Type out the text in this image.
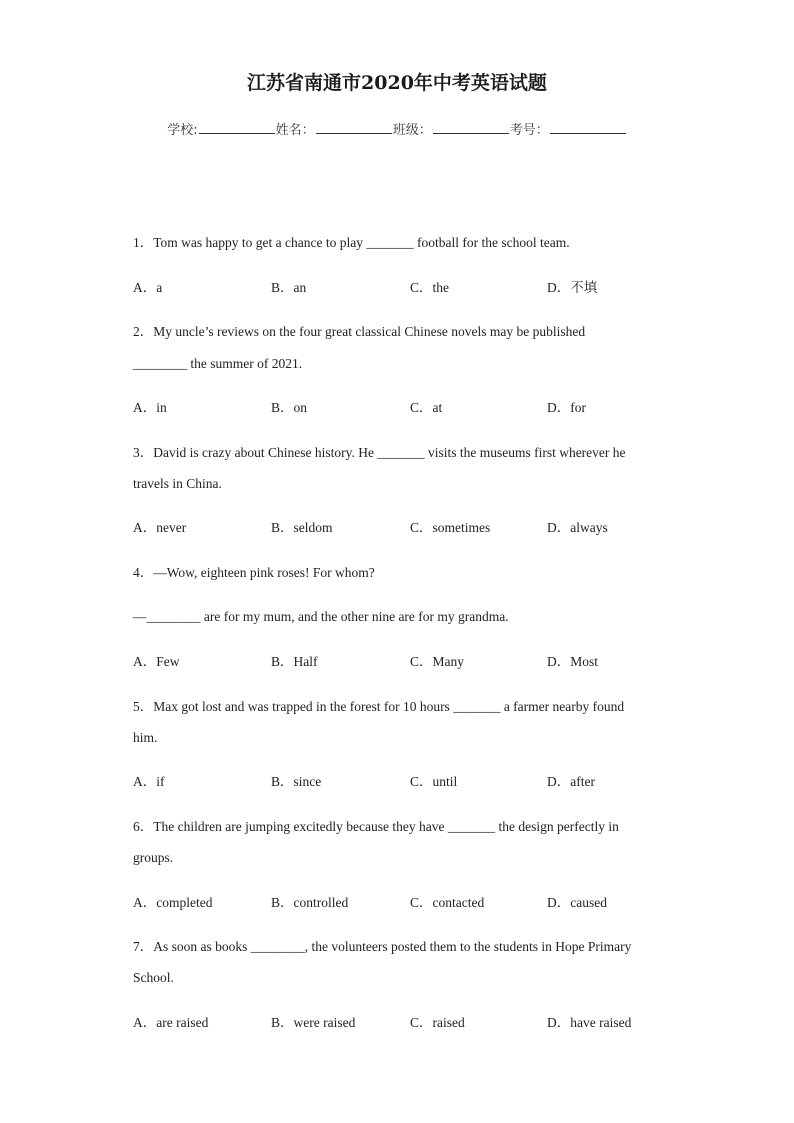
江苏省南通市2020年中考英语试题
学校:	姓名：	班级：	考号：
1．Tom was happy to get a chance to play _______ football for the school team.
A．a	B．an	C．the	D．不填
2．My uncle’s reviews on the four great classical Chinese novels may be published
________ the summer of 2021.
A．in	B．on	C．at	D．for
3．David is crazy about Chinese history. He _______ visits the museums first wherever he
travels in China.
A．never	B．seldom	C．sometimes	D．always
4．—Wow, eighteen pink roses! For whom?
—________ are for my mum, and the other nine are for my grandma.
A．Few	B．Half	C．Many	D．Most
5．Max got lost and was trapped in the forest for 10 hours _______ a farmer nearby found
him.
A．if	B．since	C．until	D．after
6．The children are jumping excitedly because they have _______ the design perfectly in
groups.
A．completed	B．controlled	C．contacted	D．caused
7．As soon as books ________, the volunteers posted them to the students in Hope Primary
School.
A．are raised	B．were raised	C．raised	D．have raised
